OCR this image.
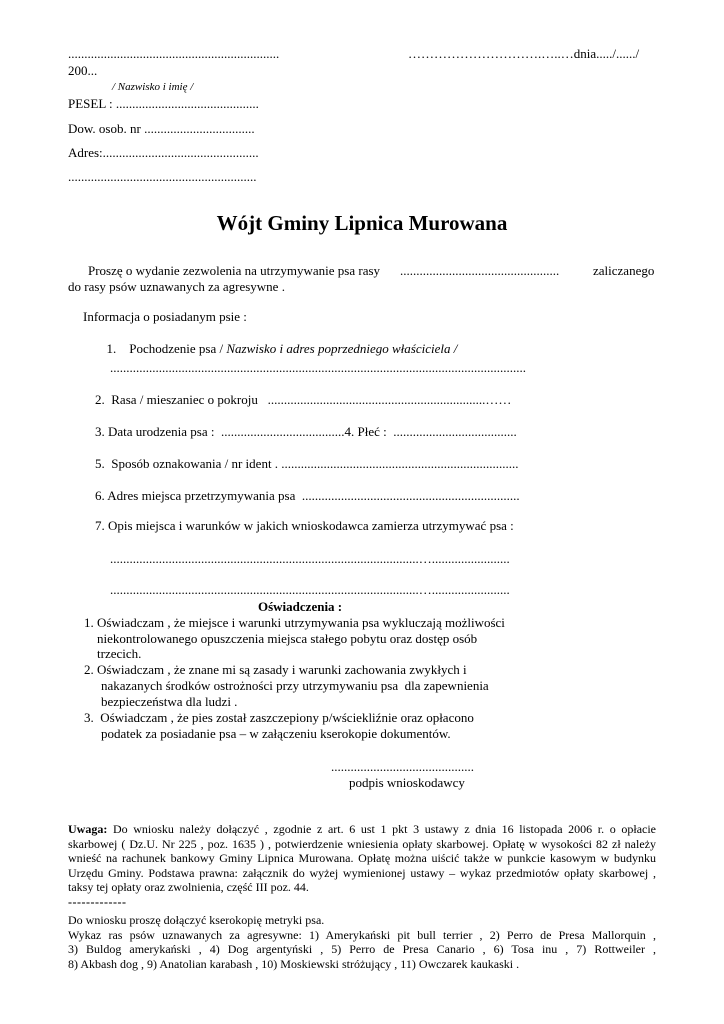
.................................................................	………………………….…..…dnia...../....../
200...
/ Nazwisko i imię /
PESEL : ............................................
Dow. osob. nr ..................................
Adres:................................................
..........................................................
Wójt Gminy Lipnica Murowana
Proszę o wydanie zezwolenia na utrzymywanie psa rasy .................................................	zaliczanego
do rasy psów uznawanych za agresywne .
Informacja o posiadanym psie :

1.    Pochodzenie psa / Nazwisko i adres poprzedniego właściciela /

................................................................................................................................
2.  Rasa / mieszaniec o pokroju   ...................................................................……
3. Data urodzenia psa :  ......................................4. Płeć :  ......................................
5.  Sposób oznakowania / nr ident . .........................................................................
6. Adres miejsca przetrzymywania psa  ...................................................................
7. Opis miejsca i warunków w jakich wnioskodawca zamierza utrzymywać psa :
...............................................................................................…........................
...............................................................................................…........................
Oświadczenia :
1. Oświadczam , że miejsce i warunki utrzymywania psa wykluczają możliwości
niekontrolowanego opuszczenia miejsca stałego pobytu oraz dostęp osób
trzecich.
2. Oświadczam , że znane mi są zasady i warunki zachowania zwykłych i
nakazanych środków ostrożności przy utrzymywaniu psa  dla zapewnienia
bezpieczeństwa dla ludzi .
3.  Oświadczam , że pies został zaszczepiony p/wściekliźnie oraz opłacono
podatek za posiadanie psa – w załączeniu kserokopie dokumentów.
............................................
podpis wnioskodawcy

Uwaga: Do wniosku należy dołączyć , zgodnie z art. 6 ust 1 pkt 3 ustawy z dnia 16 listopada 2006 r. o opłacie

skarbowej ( Dz.U. Nr 225 , poz. 1635 ) , potwierdzenie wniesienia opłaty skarbowej. Opłatę w wysokości 82 zł należy

wnieść na rachunek bankowy Gminy Lipnica Murowana. Opłatę można uiścić także w punkcie kasowym w budynku

Urzędu Gminy. Podstawa prawna: załącznik do wyżej wymienionej ustawy – wykaz przedmiotów opłaty skarbowej ,

taksy tej opłaty oraz zwolnienia, część III poz. 44.

-------------

Do wniosku proszę dołączyć kserokopię metryki psa.

Wykaz ras psów uznawanych za agresywne: 1) Amerykański pit bull terrier , 2) Perro de Presa Mallorquin ,

3) Buldog amerykański , 4) Dog argentyński , 5) Perro de Presa Canario , 6) Tosa inu , 7) Rottweiler ,

8) Akbash dog , 9) Anatolian karabash , 10) Moskiewski stróżujący , 11) Owczarek kaukaski .
